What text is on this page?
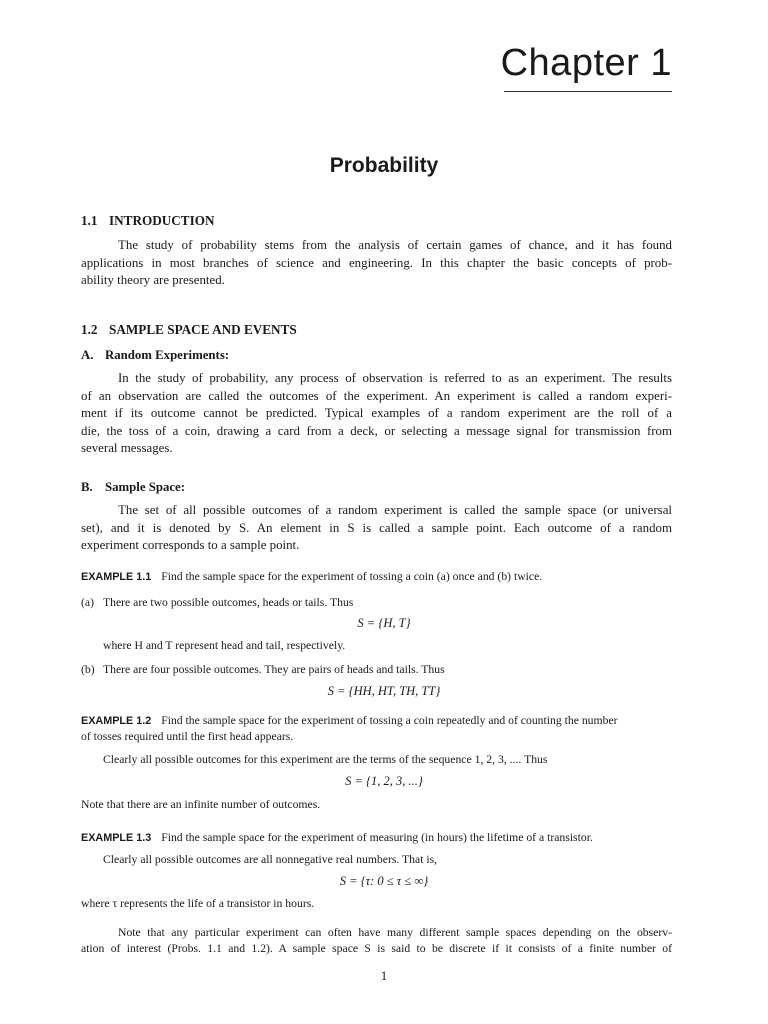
Chapter 1
Probability
1.1 INTRODUCTION
The study of probability stems from the analysis of certain games of chance, and it has found
applications in most branches of science and engineering. In this chapter the basic concepts of prob-
ability theory are presented.
1.2 SAMPLE SPACE AND EVENTS
A. Random Experiments:
In the study of probability, any process of observation is referred to as an experiment. The results
of an observation are called the outcomes of the experiment. An experiment is called a random experi-
ment if its outcome cannot be predicted. Typical examples of a random experiment are the roll of a
die, the toss of a coin, drawing a card from a deck, or selecting a message signal for transmission from
several messages.
B. Sample Space:
The set of all possible outcomes of a random experiment is called the sample space (or universal
set), and it is denoted by S. An element in S is called a sample point. Each outcome of a random
experiment corresponds to a sample point.
EXAMPLE 1.1 Find the sample space for the experiment of tossing a coin (a) once and (b) twice.
(a) There are two possible outcomes, heads or tails. Thus
S = {H, T}
where H and T represent head and tail, respectively.
(b) There are four possible outcomes. They are pairs of heads and tails. Thus
S = {HH, HT, TH, TT}
EXAMPLE 1.2 Find the sample space for the experiment of tossing a coin repeatedly and of counting the number
of tosses required until the first head appears.
Clearly all possible outcomes for this experiment are the terms of the sequence 1, 2, 3, .... Thus
S = {1, 2, 3, ...}
Note that there are an infinite number of outcomes.
EXAMPLE 1.3 Find the sample space for the experiment of measuring (in hours) the lifetime of a transistor.
Clearly all possible outcomes are all nonnegative real numbers. That is,
S = {τ: 0 ≤ τ ≤ ∞}
where τ represents the life of a transistor in hours.
Note that any particular experiment can often have many different sample spaces depending on the observ-
ation of interest (Probs. 1.1 and 1.2). A sample space S is said to be discrete if it consists of a finite number of
1
